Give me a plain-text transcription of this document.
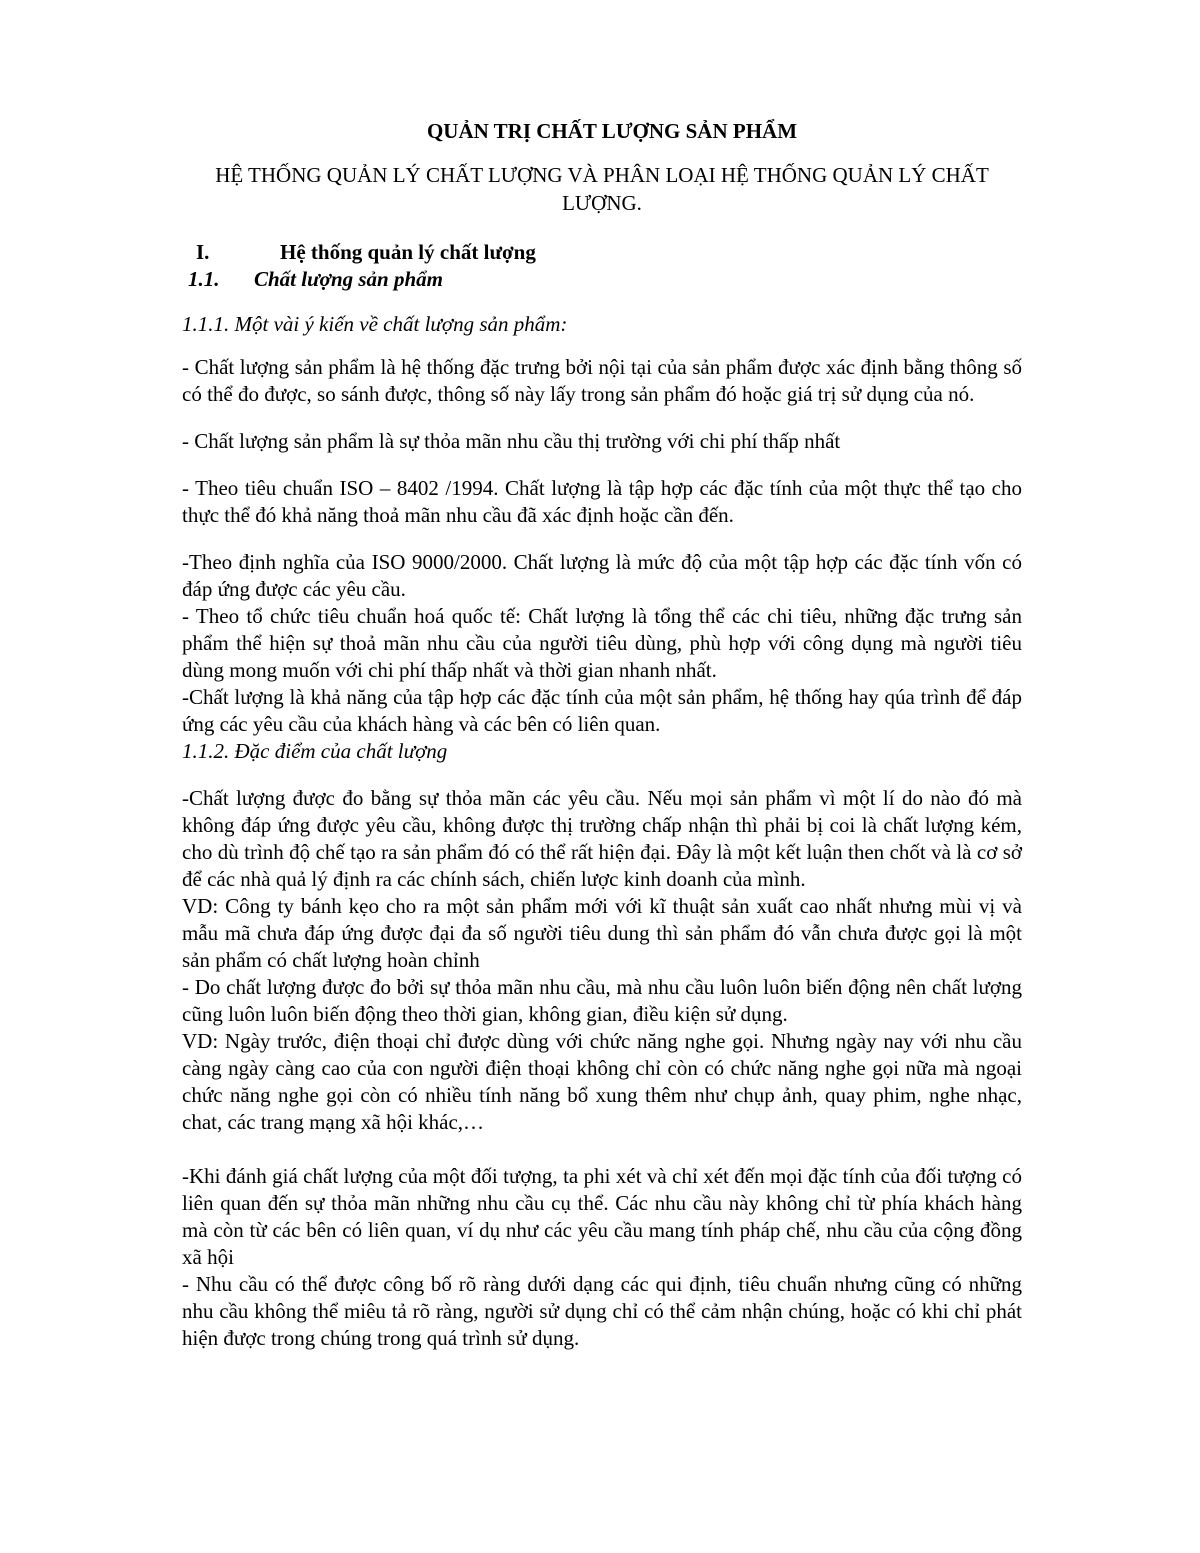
QUẢN TRỊ CHẤT LƯỢNG SẢN PHẨM
HỆ THỐNG QUẢN LÝ CHẤT LƯỢNG VÀ PHÂN LOẠI HỆ THỐNG QUẢN LÝ CHẤT LƯỢNG.
I.	Hệ thống quản lý chất lượng
1.1.	Chất lượng sản phẩm
1.1.1. Một vài ý kiến về chất lượng sản phẩm:

- Chất lượng sản phẩm là hệ thống đặc trưng bởi nội tại của sản phẩm được xác định bằng thông số có thể đo được, so sánh được, thông số này lấy trong sản phẩm đó hoặc giá trị sử dụng của nó.

- Chất lượng sản phẩm là sự thỏa mãn nhu cầu thị trường với chi phí thấp nhất

- Theo tiêu chuẩn ISO – 8402 /1994. Chất lượng là tập hợp các đặc tính của một thực thể tạo cho thực thể đó khả năng thoả mãn nhu cầu đã xác định hoặc cần đến.

-Theo định nghĩa của ISO 9000/2000. Chất lượng là mức độ của một tập hợp các đặc tính vốn có đáp ứng được các yêu cầu.

- Theo tổ chức tiêu chuẩn hoá quốc tế: Chất lượng là tổng thể các chi tiêu, những đặc trưng sản phẩm thể hiện sự thoả mãn nhu cầu của người tiêu dùng, phù hợp với công dụng mà người tiêu dùng mong muốn với chi phí thấp nhất và thời gian nhanh nhất.

-Chất lượng là khả năng của tập hợp các đặc tính của một sản phẩm, hệ thống hay qúa trình để đáp ứng các yêu cầu của khách hàng và các bên có liên quan.

1.1.2. Đặc điểm của chất lượng

-Chất lượng được đo bằng sự thỏa mãn các yêu cầu. Nếu mọi sản phẩm vì một lí do nào đó mà không đáp ứng được yêu cầu, không được thị trường chấp nhận thì phải bị coi là chất lượng kém, cho dù trình độ chế tạo ra sản phẩm đó có thể rất hiện đại. Đây là một kết luận then chốt và là cơ sở để các nhà quả lý định ra các chính sách, chiến lược kinh doanh của mình.

VD: Công ty bánh kẹo cho ra một sản phẩm mới với kĩ thuật sản xuất cao nhất nhưng mùi vị và mẫu mã chưa đáp ứng được đại đa số người tiêu dung thì sản phẩm đó vẫn chưa được gọi là một sản phẩm có chất lượng hoàn chỉnh

- Do chất lượng được đo bởi sự thỏa mãn nhu cầu, mà nhu cầu luôn luôn biến động nên chất lượng cũng luôn luôn biến động theo thời gian, không gian, điều kiện sử dụng.

VD: Ngày trước, điện thoại chỉ được dùng với chức năng nghe gọi. Nhưng ngày nay với nhu cầu càng ngày càng cao của con người điện thoại không chỉ còn có chức năng nghe gọi nữa mà ngoại chức năng nghe gọi còn có nhiều tính năng bổ xung thêm như chụp ảnh, quay phim, nghe nhạc, chat, các trang mạng xã hội khác,…

-Khi đánh giá chất lượng của một đối tượng, ta phi xét và chỉ xét đến mọi đặc tính của đối tượng có liên quan đến sự thỏa mãn những nhu cầu cụ thể. Các nhu cầu này không chỉ từ phía khách hàng mà còn từ các bên có liên quan, ví dụ như các yêu cầu mang tính pháp chế, nhu cầu của cộng đồng xã hội

- Nhu cầu có thể được công bố rõ ràng dưới dạng các qui định, tiêu chuẩn nhưng cũng có những nhu cầu không thể miêu tả rõ ràng, người sử dụng chỉ có thể cảm nhận chúng, hoặc có khi chỉ phát hiện được trong chúng trong quá trình sử dụng.
